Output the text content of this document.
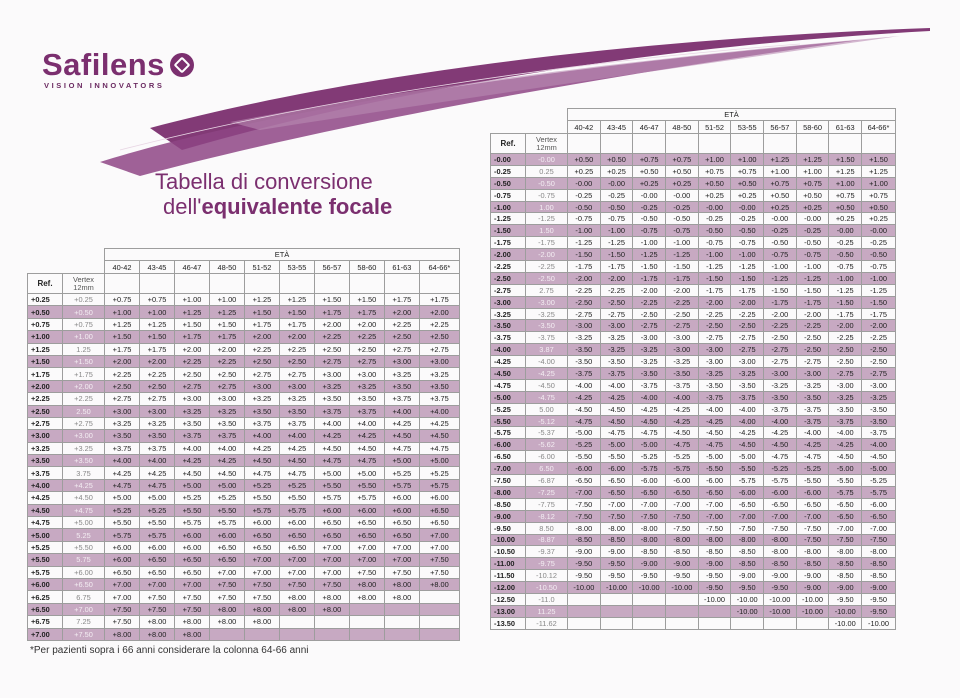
Safilens
VISION INNOVATORS
Tabella di conversione
dell'equivalente focale
		ETÀ									
		40-42	43-45	46-47	48-50	51-52	53-55	56-57	58-60	61-63	64-66*
Ref.	Vertex
12mm										
+0.25	+0.25	+0.75	+0.75	+1.00	+1.00	+1.25	+1.25	+1.50	+1.50	+1.75	+1.75
+0.50	+0.50	+1.00	+1.00	+1.25	+1.25	+1.50	+1.50	+1.75	+1.75	+2.00	+2.00
+0.75	+0.75	+1.25	+1.25	+1.50	+1.50	+1.75	+1.75	+2.00	+2.00	+2.25	+2.25
+1.00	+1.00	+1.50	+1.50	+1.75	+1.75	+2.00	+2.00	+2.25	+2.25	+2.50	+2.50
+1.25	1.25	+1.75	+1.75	+2.00	+2.00	+2.25	+2.25	+2.50	+2.50	+2.75	+2.75
+1.50	+1.50	+2.00	+2.00	+2.25	+2.25	+2.50	+2.50	+2.75	+2.75	+3.00	+3.00
+1.75	+1.75	+2.25	+2.25	+2.50	+2.50	+2.75	+2.75	+3.00	+3.00	+3.25	+3.25
+2.00	+2.00	+2.50	+2.50	+2.75	+2.75	+3.00	+3.00	+3.25	+3.25	+3.50	+3.50
+2.25	+2.25	+2.75	+2.75	+3.00	+3.00	+3.25	+3.25	+3.50	+3.50	+3.75	+3.75
+2.50	2.50	+3.00	+3.00	+3.25	+3.25	+3.50	+3.50	+3.75	+3.75	+4.00	+4.00
+2.75	+2.75	+3.25	+3.25	+3.50	+3.50	+3.75	+3.75	+4.00	+4.00	+4.25	+4.25
+3.00	+3.00	+3.50	+3.50	+3.75	+3.75	+4.00	+4.00	+4.25	+4.25	+4.50	+4.50
+3.25	+3.25	+3.75	+3.75	+4.00	+4.00	+4.25	+4.25	+4.50	+4.50	+4.75	+4.75
+3.50	+3.50	+4.00	+4.00	+4.25	+4.25	+4.50	+4.50	+4.75	+4.75	+5.00	+5.00
+3.75	3.75	+4.25	+4.25	+4.50	+4.50	+4.75	+4.75	+5.00	+5.00	+5.25	+5.25
+4.00	+4.25	+4.75	+4.75	+5.00	+5.00	+5.25	+5.25	+5.50	+5.50	+5.75	+5.75
+4.25	+4.50	+5.00	+5.00	+5.25	+5.25	+5.50	+5.50	+5.75	+5.75	+6.00	+6.00
+4.50	+4.75	+5.25	+5.25	+5.50	+5.50	+5.75	+5.75	+6.00	+6.00	+6.00	+6.50
+4.75	+5.00	+5.50	+5.50	+5.75	+5.75	+6.00	+6.00	+6.50	+6.50	+6.50	+6.50
+5.00	5.25	+5.75	+5.75	+6.00	+6.00	+6.50	+6.50	+6.50	+6.50	+6.50	+7.00
+5.25	+5.50	+6.00	+6.00	+6.00	+6.50	+6.50	+6.50	+7.00	+7.00	+7.00	+7.00
+5.50	5.75	+6.00	+6.50	+6.50	+6.50	+7.00	+7.00	+7.00	+7.00	+7.00	+7.50
+5.75	+6.00	+6.50	+6.50	+6.50	+7.00	+7.00	+7.00	+7.00	+7.50	+7.50	+7.50
+6.00	+6.50	+7.00	+7.00	+7.00	+7.50	+7.50	+7.50	+7.50	+8.00	+8.00	+8.00
+6.25	6.75	+7.00	+7.50	+7.50	+7.50	+7.50	+8.00	+8.00	+8.00	+8.00	
+6.50	+7.00	+7.50	+7.50	+7.50	+8.00	+8.00	+8.00	+8.00			
+6.75	7.25	+7.50	+8.00	+8.00	+8.00	+8.00					
+7.00	+7.50	+8.00	+8.00	+8.00							
		ETÀ									
		40-42	43-45	46-47	48-50	51-52	53-55	56-57	58-60	61-63	64-66*
Ref.	Vertex
12mm										
-0.00	-0.00	+0.50	+0.50	+0.75	+0.75	+1.00	+1.00	+1.25	+1.25	+1.50	+1.50
-0.25	0.25	+0.25	+0.25	+0.50	+0.50	+0.75	+0.75	+1.00	+1.00	+1.25	+1.25
-0.50	-0.50	-0.00	-0.00	+0.25	+0.25	+0.50	+0.50	+0.75	+0.75	+1.00	+1.00
-0.75	-0.75	-0.25	-0.25	-0.00	-0.00	+0.25	+0.25	+0.50	+0.50	+0.75	+0.75
-1.00	1.00	-0.50	-0.50	-0.25	-0.25	-0.00	-0.00	+0.25	+0.25	+0.50	+0.50
-1.25	-1.25	-0.75	-0.75	-0.50	-0.50	-0.25	-0.25	-0.00	-0.00	+0.25	+0.25
-1.50	1.50	-1.00	-1.00	-0.75	-0.75	-0.50	-0.50	-0.25	-0.25	-0.00	-0.00
-1.75	-1.75	-1.25	-1.25	-1.00	-1.00	-0.75	-0.75	-0.50	-0.50	-0.25	-0.25
-2.00	-2.00	-1.50	-1.50	-1.25	-1.25	-1.00	-1.00	-0.75	-0.75	-0.50	-0.50
-2.25	-2.25	-1.75	-1.75	-1.50	-1.50	-1.25	-1.25	-1.00	-1.00	-0.75	-0.75
-2.50	-2.50	-2.00	-2.00	-1.75	-1.75	-1.50	-1.50	-1.25	-1.25	-1.00	-1.00
-2.75	2.75	-2.25	-2.25	-2.00	-2.00	-1.75	-1.75	-1.50	-1.50	-1.25	-1.25
-3.00	-3.00	-2.50	-2.50	-2.25	-2.25	-2.00	-2.00	-1.75	-1.75	-1.50	-1.50
-3.25	-3.25	-2.75	-2.75	-2.50	-2.50	-2.25	-2.25	-2.00	-2.00	-1.75	-1.75
-3.50	-3.50	-3.00	-3.00	-2.75	-2.75	-2.50	-2.50	-2.25	-2.25	-2.00	-2.00
-3.75	-3.75	-3.25	-3.25	-3.00	-3.00	-2.75	-2.75	-2.50	-2.50	-2.25	-2.25
-4.00	3.87	-3.50	-3.25	-3.25	-3.00	-3.00	-2.75	-2.75	-2.50	-2.50	-2.50
-4.25	-4.00	-3.50	-3.50	-3.25	-3.25	-3.00	-3.00	-2.75	-2.75	-2.50	-2.50
-4.50	-4.25	-3.75	-3.75	-3.50	-3.50	-3.25	-3.25	-3.00	-3.00	-2.75	-2.75
-4.75	-4.50	-4.00	-4.00	-3.75	-3.75	-3.50	-3.50	-3.25	-3.25	-3.00	-3.00
-5.00	-4.75	-4.25	-4.25	-4.00	-4.00	-3.75	-3.75	-3.50	-3.50	-3.25	-3.25
-5.25	5.00	-4.50	-4.50	-4.25	-4.25	-4.00	-4.00	-3.75	-3.75	-3.50	-3.50
-5.50	-5.12	-4.75	-4.50	-4.50	-4.25	-4.25	-4.00	-4.00	-3.75	-3.75	-3.50
-5.75	-5.37	-5.00	-4.75	-4.75	-4.50	-4.50	-4.25	-4.25	-4.00	-4.00	-3.75
-6.00	-5.62	-5.25	-5.00	-5.00	-4.75	-4.75	-4.50	-4.50	-4.25	-4.25	-4.00
-6.50	-6.00	-5.50	-5.50	-5.25	-5.25	-5.00	-5.00	-4.75	-4.75	-4.50	-4.50
-7.00	6.50	-6.00	-6.00	-5.75	-5.75	-5.50	-5.50	-5.25	-5.25	-5.00	-5.00
-7.50	-6.87	-6.50	-6.50	-6.00	-6.00	-6.00	-5.75	-5.75	-5.50	-5.50	-5.25
-8.00	-7.25	-7.00	-6.50	-6.50	-6.50	-6.50	-6.00	-6.00	-6.00	-5.75	-5.75
-8.50	-7.75	-7.50	-7.00	-7.00	-7.00	-7.00	-6.50	-6.50	-6.50	-6.50	-6.00
-9.00	-8.12	-7.50	-7.50	-7.50	-7.50	-7.00	-7.00	-7.00	-7.00	-6.50	-6.50
-9.50	8.50	-8.00	-8.00	-8.00	-7.50	-7.50	-7.50	-7.50	-7.50	-7.00	-7.00
-10.00	-8.87	-8.50	-8.50	-8.00	-8.00	-8.00	-8.00	-8.00	-7.50	-7.50	-7.50
-10.50	-9.37	-9.00	-9.00	-8.50	-8.50	-8.50	-8.50	-8.00	-8.00	-8.00	-8.00
-11.00	-9.75	-9.50	-9.50	-9.00	-9.00	-9.00	-8.50	-8.50	-8.50	-8.50	-8.50
-11.50	-10.12	-9.50	-9.50	-9.50	-9.50	-9.50	-9.00	-9.00	-9.00	-8.50	-8.50
-12.00	-10.50	-10.00	-10.00	-10.00	-10.00	-9.50	-9.50	-9.50	-9.00	-9.00	-9.00
-12.50	-11.0					-10.00	-10.00	-10.00	-10.00	-9.50	-9.50
-13.00	11.25						-10.00	-10.00	-10.00	-10.00	-9.50
-13.50	-11.62									-10.00	-10.00
*Per pazienti sopra i 66 anni considerare la colonna 64-66 anni
